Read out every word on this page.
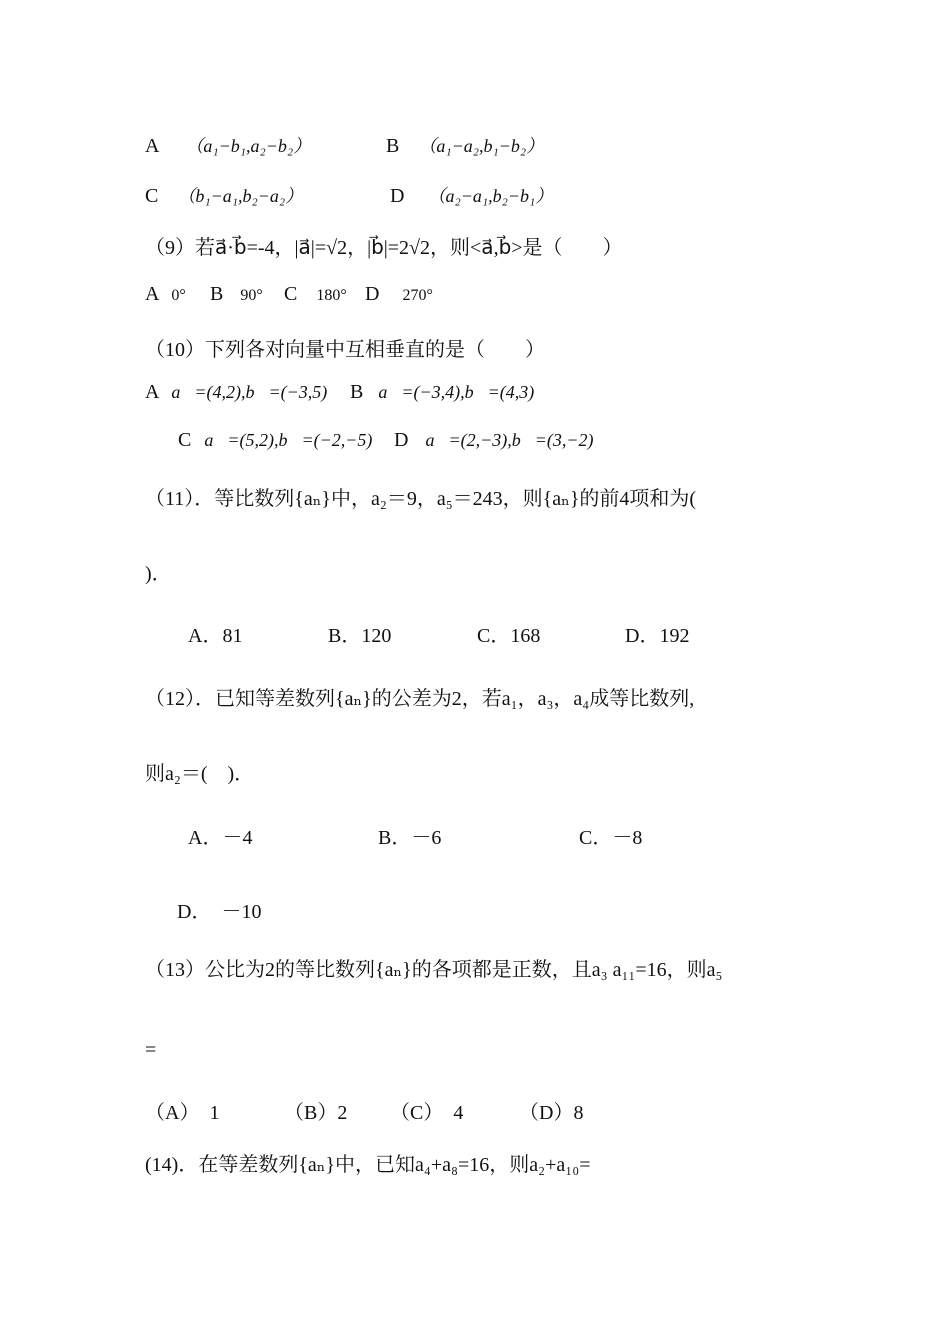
A （a₁−b₁,a₂−b₂）	B （a₁−a₂,b₁−b₂）
C （b₁−a₁,b₂−a₂）	D （a₂−a₁,b₂−b₁）
（9）若a⃗·b⃗=-4，|a⃗|=√2，|b⃗|=2√2，则<a⃗,b⃗>是（　　）
A 0° B 90° C 180° D 270°
（10）下列各对向量中互相垂直的是（　　）
A a⃗=(4,2),b⃗=(−3,5) B a⃗=(−3,4),b⃗=(4,3)
C a⃗=(5,2),b⃗=(−2,−5) D a⃗=(2,−3),b⃗=(3,−2)
（11）．等比数列{aₙ}中，a₂＝9，a₅＝243，则{aₙ}的前4项和为(
)．
A．81	B．120	C．168	D．192
（12）．已知等差数列{aₙ}的公差为2，若a₁，a₃，a₄成等比数列,
则a₂＝(　)．
A．－4	B．－6	C．－8
D．　－10
（13）公比为2的等比数列{aₙ}的各项都是正数，且a₃ a₁₁=16，则a₅
=
（A）　1	（B）2 （C）　4	（D）8
(14)．在等差数列{aₙ}中，已知a₄+a₈=16，则a₂+a₁₀=
